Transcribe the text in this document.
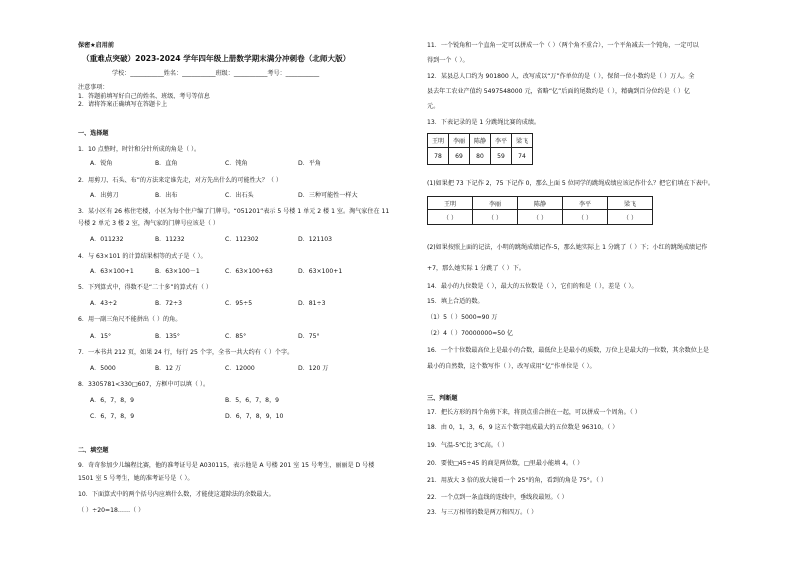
保密★启用前
（重难点突破）2023-2024 学年四年级上册数学期末满分冲刺卷（北师大版）
学校：___________姓名：___________班级：___________考号：___________
注意事项：
1．答题前填写好自己的姓名、班级、考号等信息
2．请将答案正确填写在答题卡上
一、选择题
1．10 点整时，时针和分针所成的角是（ ）。
A．锐角	B．直角	C．钝角	D．平角
2．用剪刀、石头、布”的方法来定谁先走，对方先出什么的可能性大？（ ）
A．出剪刀	B．出布	C．出石头	D．三种可能性一样大
3．某小区有 26 栋住宅楼，小区为每个住户编了门牌号。“051201”表示 5 号楼 1 单元 2 楼 1 室。淘气家住在 11
号楼 2 单元 3 楼 2 室，淘气家的门牌号应该是（ ）
A．011232	B．11232	C．112302	D．121103
4．与 63×101 的计算结果相等的式子是（ ）。
A．63×100+1	B．63×100－1	C．63×100+63	D．63×100+1
5．下列算式中，得数不是“二十多”的算式有（ ）
A．43÷2	B．72÷3	C．95÷5	D．81÷3
6．用一副三角尺不能拼出（ ）的角。
A．15°	B．135°	C．85°	D．75°
7．一本书共 212 页，如果 24 行，每行 25 个字，全书一共大约有（ ）个字。
A．5000	B．12 万	C．12000	D．120 万
8．3305781<330□607，方框中可以填（ ）。
A．6，7，8，9	B．5，6，7，8，9
C．6，7，8，9	D．6，7，8，9，10
二、填空题
9．奇奇参加少儿编程比赛，他的准考证号是 A030115，表示他是 A 号楼 201 室 15 号考生，丽丽是 D 号楼
1501 室 5 号考生，她的准考证号是（ ）。
10．下面算式中的两个括号内应填什么数，才能使这道除法的余数最大。
（ ）÷20=18……（ ）
11．一个锐角和一个直角一定可以拼成一个（ ）（两个角不重合），一个平角减去一个钝角，一定可以
得到一个（ ）。
12．某县总人口约为 901800 人，改写成以“万”作单位的是（ ），保留一位小数约是（ ）万人。全
县去年工农业产值约 5497548000 元，省略“亿”后面的尾数约是（ ），精确到百分位约是（ ）亿
元。
13．下表记录的是 1 分跳绳比赛的成绩。
王明	李丽	陈静	李平	梁飞
78	69	80	59	74
(1)如果把 73 下记作 2，75 下记作 0，那么上面 5 位同学的跳绳成绩应该记作什么？把它们填在下表中。
王明	李丽	陈静	李平	梁飞
（ ）	（ ）	（ ）	（ ）	（ ）
(2)如果按照上面的记法，小明的跳绳成绩记作-5，那么她实际上 1 分跳了（ ）下；小红的跳绳成绩记作
+7，那么她实际 1 分跳了（ ）下。
14．最小的九位数是（ ），最大的五位数是（ ），它们的和是（ ），差是（ ）。
15．填上合适的数。
（1）5（ ）5000≈90 万
（2）4（ ）70000000≈50 亿
16．一个十位数最高位上是最小的合数，最低位上是最小的质数，万位上是最大的一位数，其余数位上是
最小的自然数，这个数写作（ ），改写成用“亿”作单位是（ ）。
三、判断题
17．把长方形的四个角剪下来，将顶点重合拼在一起，可以拼成一个周角。（ ）
18．由 0，1，3，6，9 这五个数字组成最大的五位数是 96310。（ ）
19．气温-5℃比 3℃高。（ ）
20．要使□45÷45 的商是两位数，□里最小能填 4。（ ）
21．用放大 3 倍的放大镜看一个 25°的角，看到的角是 75°。（ ）
22．一个点到一条直线的连线中，垂线段最短。（ ）
23．与三万相邻的数是两万和四万。（ ）
